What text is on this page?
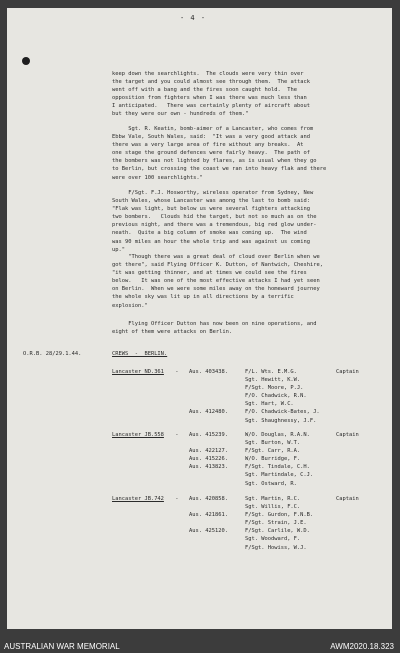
- 4 -
keep down the searchlights.  The clouds were very thin over
the target and you could almost see through them.  The attack
went off with a bang and the fires soon caught hold.  The
opposition from fighters when I was there was much less than
I anticipated.   There was certainly plenty of aircraft about
but they were our own - hundreds of them."
Sgt. R. Keatin, bomb-aimer of a Lancaster, who comes from
Ebbw Vale, South Wales, said:  "It was a very good attack and
there was a very large area of fire without any breaks.  At
one stage the ground defences were fairly heavy.  The path of
the bombers was not lighted by flares, as is usual when they go
to Berlin, but crossing the coast we ran into heavy flak and there
were over 100 searchlights."
F/Sgt. F.J. Hosworthy, wireless operator from Sydney, New
South Wales, whose Lancaster was among the last to bomb said:
"Flak was light, but below us were several fighters attacking
two bombers.   Clouds hid the target, but not so much as on the
previous night, and there was a tremendous, big red glow under-
neath.  Quite a big column of smoke was coming up.  The wind
was 90 miles an hour the whole trip and was against us coming
up."
"Though there was a great deal of cloud over Berlin when we
got there", said Flying Officer K. Dutton, of Nantwich, Cheshire,
"it was getting thinner, and at times we could see the fires
below.   It was one of the most effective attacks I had yet seen
on Berlin.  When we were some miles away on the homeward journey
the whole sky was lit up in all directions by a terrific
explosion."
Flying Officer Dutton has now been on nine operations, and
eight of them were attacks on Berlin.
O.R.B. 28/29.1.44.	CREWS  -  BERLIN.
Lancaster ND.361 - Aus. 403438.	F/L. Wts. E.M.G.	Captain
Sgt. Hewitt, K.W.
F/Sgt. Moore, P.J.
F/O. Chadwick, R.N.
Sgt. Hart, W.C.
Aus. 412480.	F/O. Chadwick-Bates, J.
Sgt. Shaughnessy, J.F.
Lancaster JB.558 - Aus. 415239.	W/O. Douglas, R.A.N.	Captain
Sgt. Burton, W.T.
Aus. 422127.	F/Sgt. Carr, R.A.
Aus. 415226.	W/O. Burridge, F.
Aus. 413823.	F/Sgt. Tindale, C.H.
Sgt. Martindale, C.J.
Sgt. Ostward, R.
Lancaster JB.742 - Aus. 420858.	Sgt. Martin, R.C.	Captain
Sgt. Willis, F.C.
Aus. 421861.	F/Sgt. Gurdon, F.N.B.
F/Sgt. Strain, J.E.
Aus. 425120.	F/Sgt. Carlile, W.D.
Sgt. Woodward, F.
F/Sgt. Howiss, W.J.
AUSTRALIAN WAR MEMORIAL	AWM2020.18.323
